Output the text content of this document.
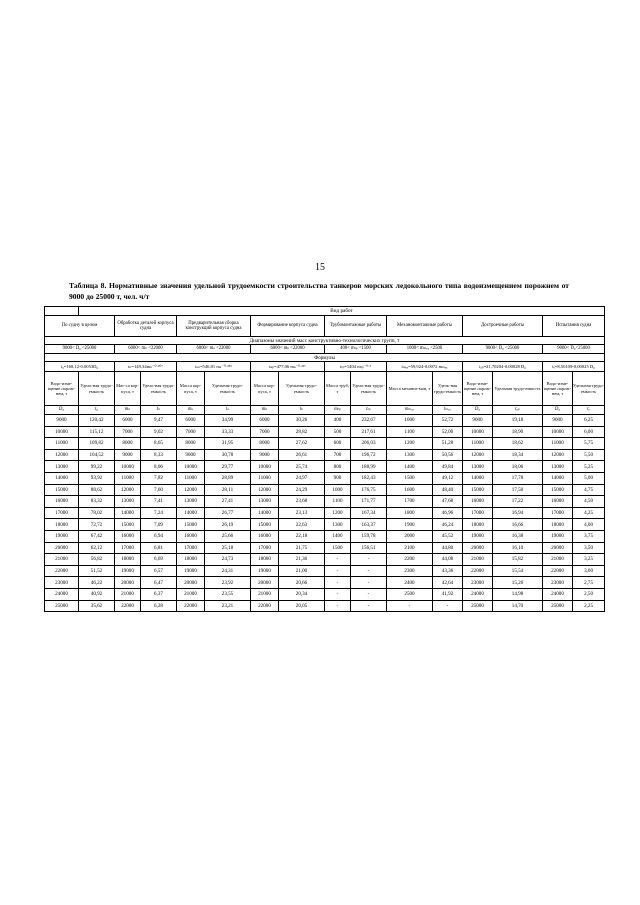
15
Таблица 8. Нормативные значения удельной трудоемкости строительства танкеров морских ледокольного типа водоизмещением порожнем от 9000 до 25000 т, чел. ч/т
	Вид работ														
По судну в целом		Обработка деталей корпуса судна		Предварительная сборка конструкций корпуса судна		Формирование корпуса судна		Трубомонтажные работы		Механомонтажные работы		Достроечные работы		Испытания судна	
Диапазоны значений масс конструктивно-технологических групп, т															
9000< D₀ <25000		6000< mₙ <22000		6000< mₛ <22000		6000< mₖ <22000		400< mₜₚ <1500		1000< mₘₑₓ <2500		9000< D₀ <25000		9000< D₀<25000	
Формулы															
t₀=168,12-0,0053D₀		tₙ=149,34mₙ⁻⁰·³⁰⁷		tₛₙ=546,81 mₛ⁻⁰·³⁵⁵		tₖₚ=477,06 mₖ⁻⁰·³¹⁷		tₜₚ=1404 mₜₚ⁻⁰·³		tₘₑₓ=59,924-0,0072 mₘₑₓ		tₐₚ=21,70204-0,00028 D₀		tₑ=8,50109-0,00025 D₀	
Водо-изме-щение порож-нем, т	Удель-ная трудо-емкость	Мас-са кор-пуса, т	Удель-ная трудо-емкость	Масса кор-пуса, т	Удельная трудо-емкость	Масса кор-пуса, т	Удельная трудо-емкость	Масса труб, т	Удель-ная трудо-емкость	Масса механиз-мов, т	Удель-ная трудо-емкость	Водо-изме-щение порож-нем, т	Удельная трудо-емкость	Водо-изме-щение порож-нем, т	Удельная трудо-емкость
D₀	t₀	mₙ	tₙ	mₛ	tₛ	mₖ	tₖ	mₜₚ	tₜₚ	mₘₑₓ	tₘₑₓ	D₀	tₐₚ	D₀	tₑ
9000	120,42	6000	9,47	6000	34,99	6000	30,26	400	232,67	1000	52,72	9000	19,18	9000	6,25
10000	115,12	7000	9,02	7000	33,33	7000	28,82	500	217,61	1100	52,00	10000	18,90	10000	6,00
11000	109,82	8000	8,65	8000	31,95	8000	27,62	600	206,03	1200	51,28	11000	18,62	11000	5,75
12000	104,52	9000	8,33	9000	30,78	9000	26,61	700	196,72	1300	50,56	12000	18,34	12000	5,50
13000	99,22	10000	8,06	10000	29,77	10000	25,74	800	188,99	1400	49,84	13000	18,06	13000	5,25
14000	93,92	11000	7,82	11000	28,89	11000	24,97	900	182,43	1500	49,12	14000	17,78	14000	5,00
15000	88,62	12000	7,60	12000	28,11	12000	24,29	1000	176,75	1600	48,40	15000	17,50	15000	4,75
16000	83,32	13000	7,41	13000	27,41	13000	23,68	1100	171,77	1700	47,68	16000	17,22	16000	4,50
17000	78,02	14000	7,24	14000	26,77	14000	23,13	1200	167,34	1800	46,96	17000	16,94	17000	4,25
18000	72,72	15000	7,09	15000	26,19	15000	22,63	1300	163,37	1900	46,24	18000	16,66	18000	4,00
19000	67,42	16000	6,94	16000	25,66	16000	22,18	1400	159,78	2000	45,52	19000	16,38	19000	3,75
20000	62,12	17000	6,81	17000	25,18	17000	21,75	1500	156,51	2100	44,80	20000	16,10	20000	3,50
21000	56,82	18000	6,69	18000	24,73	18000	21,36	-	-	2200	44,08	21000	15,82	21000	3,25
22000	51,52	19000	6,57	19000	24,31	19000	21,00	-	-	2300	43,36	22000	15,54	22000	3,00
23000	46,22	20000	6,47	20000	23,92	20000	20,66	-	-	2400	42,64	23000	15,26	23000	2,75
24000	40,92	21000	6,37	21000	23,55	21000	20,34	-	-	2500	41,92	24000	14,98	24000	2,50
25000	35,62	22000	6,28	22000	23,21	22000	20,05	-	-	-	-	25000	14,70	25000	2,25
